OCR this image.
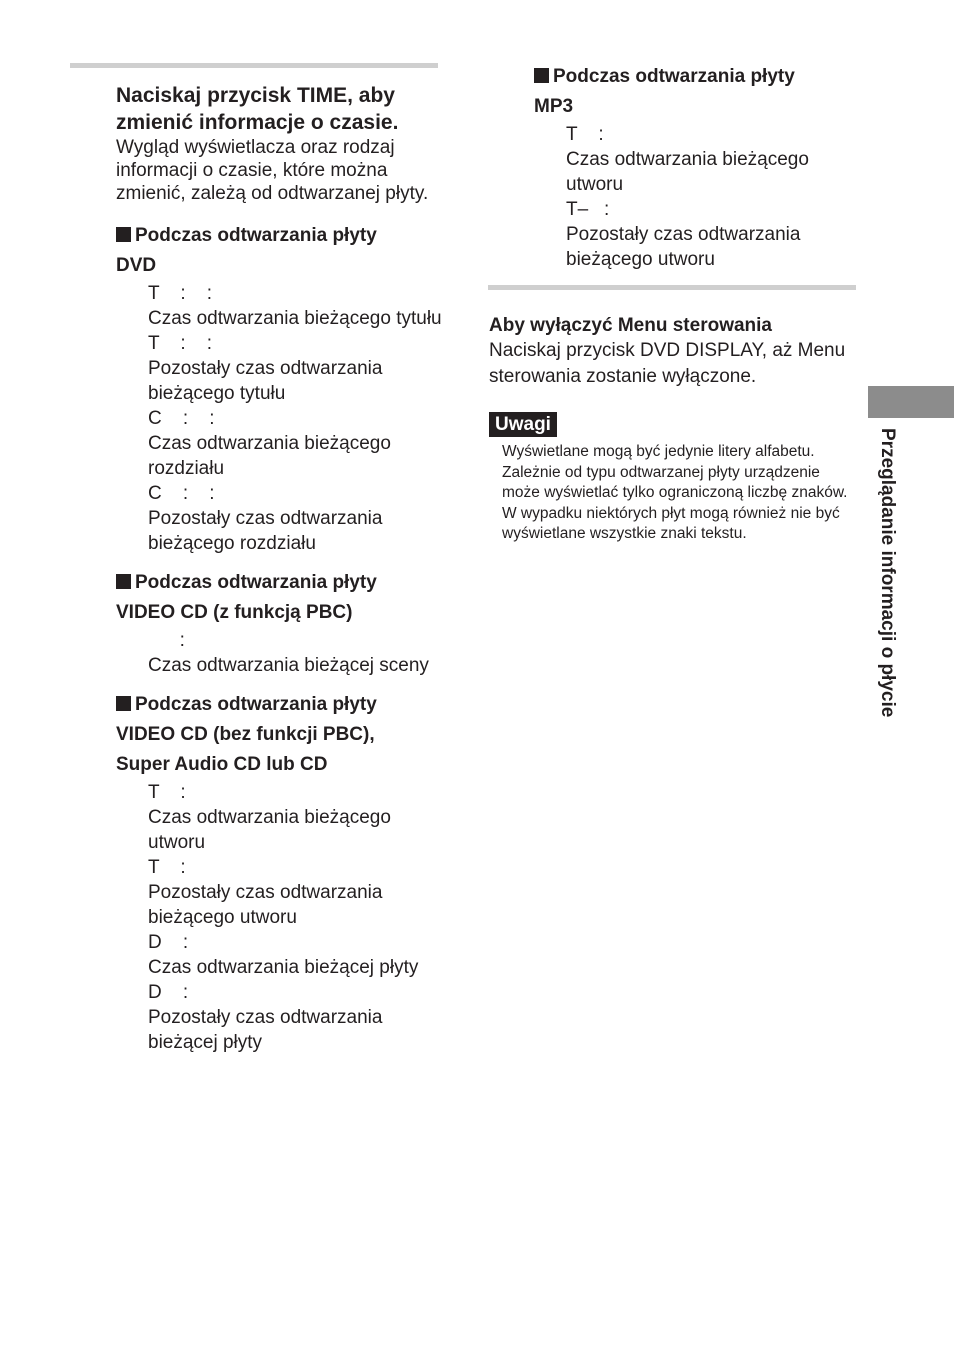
Naciskaj przycisk TIME, aby zmienić informacje o czasie.

Wygląd wyświetlacza oraz rodzaj informacji o czasie, które można zmienić, zależą od odtwarzanej płyty.

Podczas odtwarzania płyty

DVD

T    :    :
Czas odtwarzania bieżącego tytułu
T    :    :
Pozostały czas odtwarzania bieżącego tytułu
C    :    :
Czas odtwarzania bieżącego rozdziału
C    :    :
Pozostały czas odtwarzania bieżącego rozdziału

Podczas odtwarzania płyty

VIDEO CD (z funkcją PBC)

:
Czas odtwarzania bieżącej sceny

Podczas odtwarzania płyty

VIDEO CD (bez funkcji PBC),

Super Audio CD lub CD

T    :
Czas odtwarzania bieżącego utworu
T    :
Pozostały czas odtwarzania bieżącego utworu
D    :
Czas odtwarzania bieżącej płyty
D    :
Pozostały czas odtwarzania bieżącej płyty

Podczas odtwarzania płyty

MP3

T    :
Czas odtwarzania bieżącego utworu
T–   :
Pozostały czas odtwarzania bieżącego utworu

Aby wyłączyć Menu sterowania

Naciskaj przycisk DVD DISPLAY, aż Menu sterowania zostanie wyłączone.

Uwagi

Wyświetlane mogą być jedynie litery alfabetu. Zależnie od typu odtwarzanej płyty urządzenie może wyświetlać tylko ograniczoną liczbę znaków. W wypadku niektórych płyt mogą również nie być wyświetlane wszystkie znaki tekstu.	Przeglądanie informacji o płycie
